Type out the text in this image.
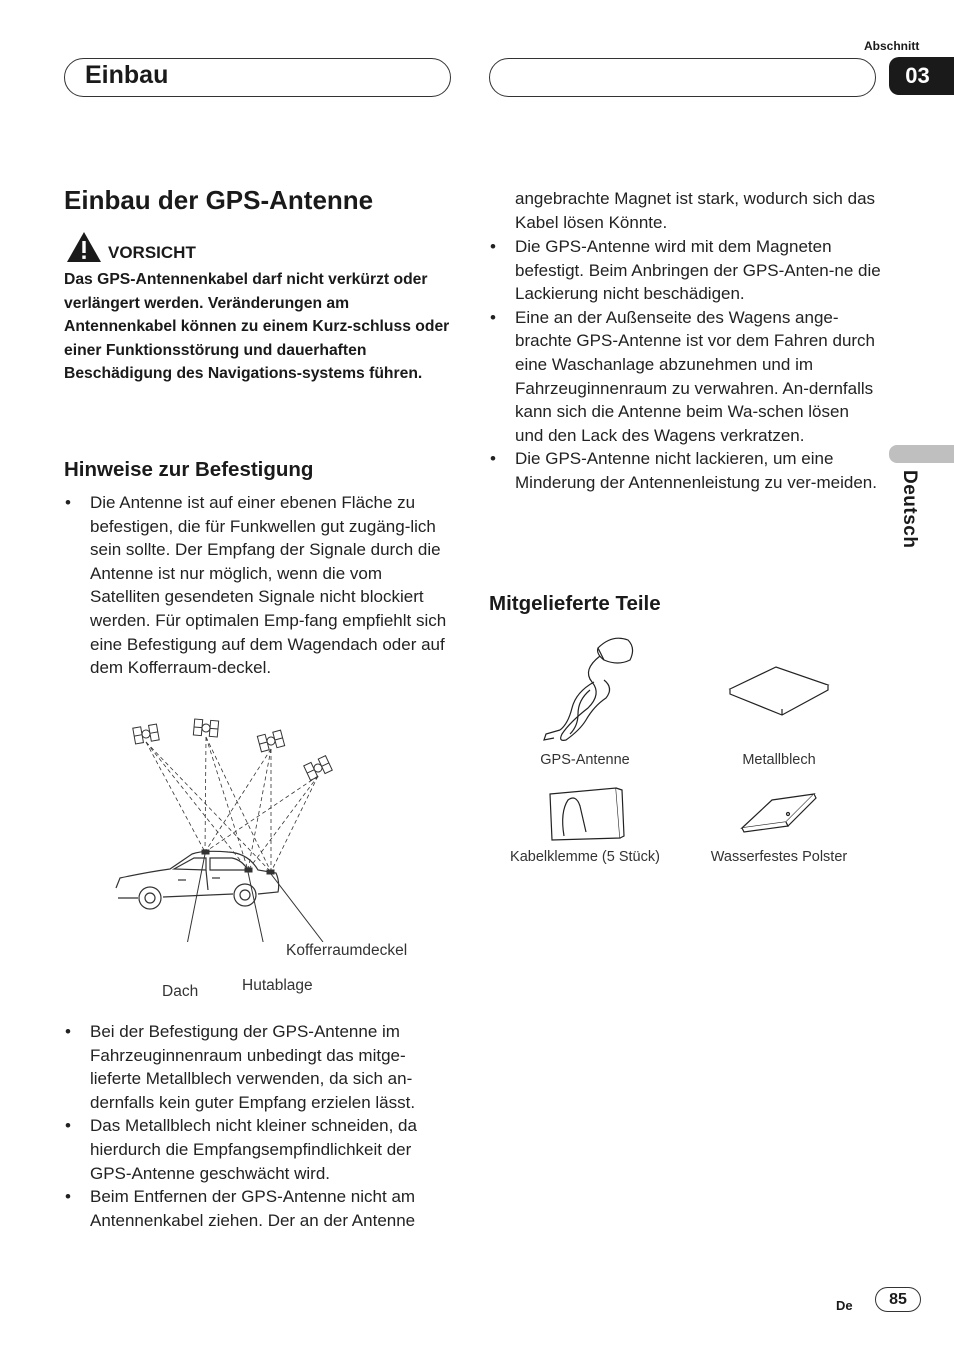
Abschnitt
03
Einbau
Deutsch
Einbau der GPS-Antenne
VORSICHT

Das GPS-Antennenkabel darf nicht verkürzt oder verlängert werden. Veränderungen am Antennenkabel können zu einem Kurz-schluss oder einer Funktionsstörung und dauerhaften Beschädigung des Navigations-systems führen.

Hinweise zur Befestigung
• Die Antenne ist auf einer ebenen Fläche zu befestigen, die für Funkwellen gut zugäng-lich sein sollte. Der Empfang der Signale durch die Antenne ist nur möglich, wenn die vom Satelliten gesendeten Signale nicht blockiert werden. Für optimalen Emp-fang empfiehlt sich eine Befestigung auf dem Wagendach oder auf dem Kofferraum-deckel.
Kofferraumdeckel
Dach	Hutablage
• Bei der Befestigung der GPS-Antenne im Fahrzeuginnenraum unbedingt das mitge-lieferte Metallblech verwenden, da sich an-dernfalls kein guter Empfang erzielen lässt.
• Das Metallblech nicht kleiner schneiden, da hierdurch die Empfangsempfindlichkeit der GPS-Antenne geschwächt wird.
• Beim Entfernen der GPS-Antenne nicht am Antennenkabel ziehen. Der an der Antenne

angebrachte Magnet ist stark, wodurch sich das Kabel lösen Könnte.

• Die GPS-Antenne wird mit dem Magneten befestigt. Beim Anbringen der GPS-Anten-ne die Lackierung nicht beschädigen.
• Eine an der Außenseite des Wagens ange-brachte GPS-Antenne ist vor dem Fahren durch eine Waschanlage abzunehmen und im Fahrzeuginnenraum zu verwahren. An-dernfalls kann sich die Antenne beim Wa-schen lösen und den Lack des Wagens verkratzen.
• Die GPS-Antenne nicht lackieren, um eine Minderung der Antennenleistung zu ver-meiden.
Mitgelieferte Teile
GPS-Antenne	Metallblech
Kabelklemme (5 Stück)	Wasserfestes Polster
De 85
